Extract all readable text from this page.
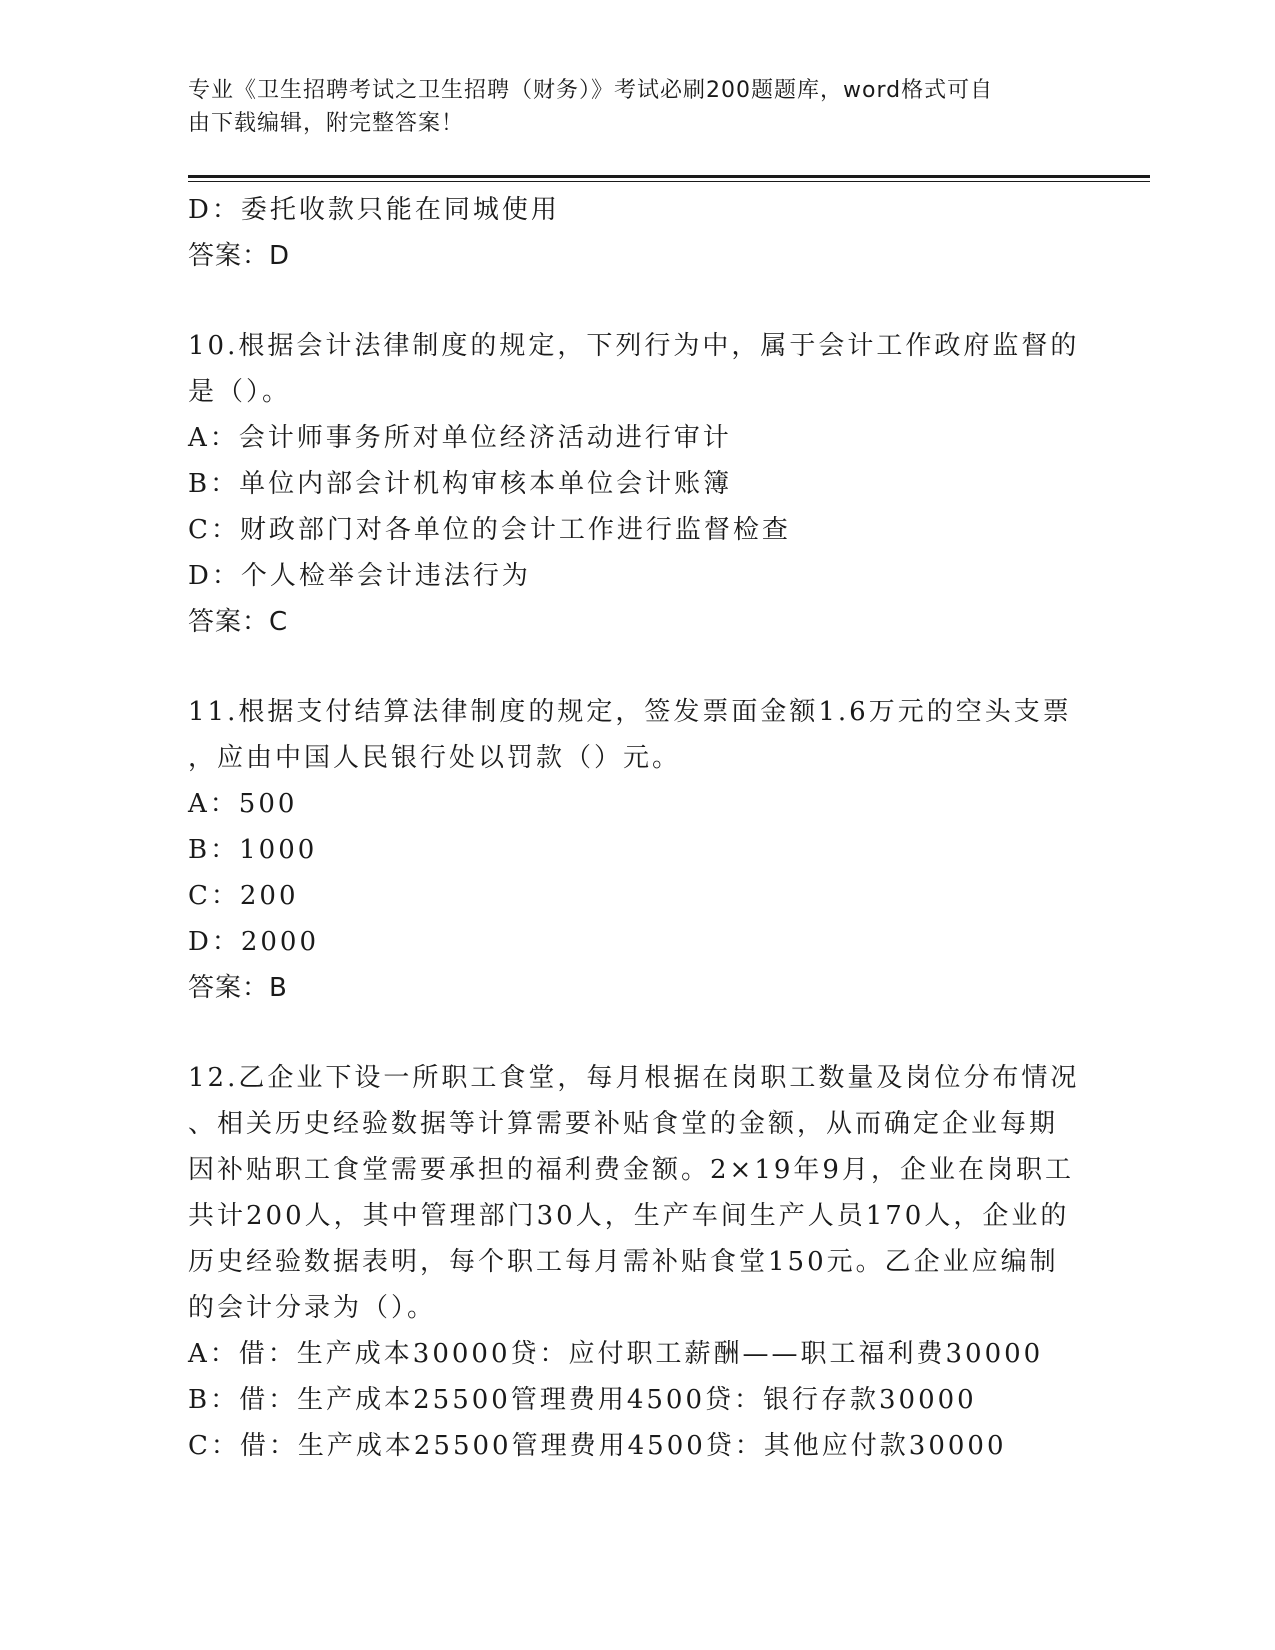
专业《卫生招聘考试之卫生招聘（财务）》考试必刷200题题库，word格式可自
由下载编辑，附完整答案！
D：委托收款只能在同城使用
答案：D
10.根据会计法律制度的规定，下列行为中，属于会计工作政府监督的
是（）。
A：会计师事务所对单位经济活动进行审计
B：单位内部会计机构审核本单位会计账簿
C：财政部门对各单位的会计工作进行监督检查
D：个人检举会计违法行为
答案：C
11.根据支付结算法律制度的规定，签发票面金额1.6万元的空头支票
，应由中国人民银行处以罚款（）元。
A：500
B：1000
C：200
D：2000
答案：B
12.乙企业下设一所职工食堂，每月根据在岗职工数量及岗位分布情况
、相关历史经验数据等计算需要补贴食堂的金额，从而确定企业每期
因补贴职工食堂需要承担的福利费金额。2×19年9月，企业在岗职工
共计200人，其中管理部门30人，生产车间生产人员170人，企业的
历史经验数据表明，每个职工每月需补贴食堂150元。乙企业应编制
的会计分录为（）。
A：借：生产成本30000贷：应付职工薪酬——职工福利费30000
B：借：生产成本25500管理费用4500贷：银行存款30000
C：借：生产成本25500管理费用4500贷：其他应付款30000
